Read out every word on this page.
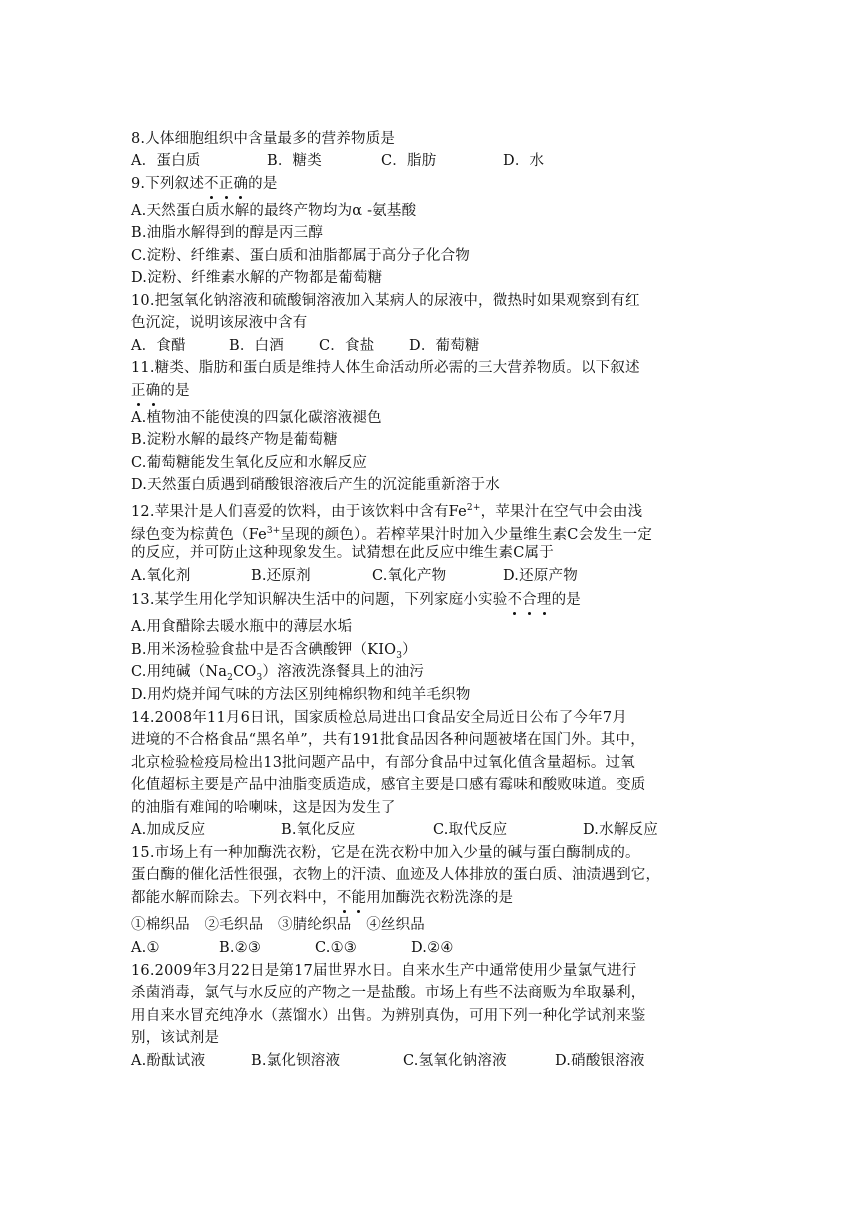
8.人体细胞组织中含量最多的营养物质是
A．蛋白质	B．糖类	C．脂肪	D．水
9.下列叙述不正确的是
A.天然蛋白质水解的最终产物均为α -氨基酸
B.油脂水解得到的醇是丙三醇
C.淀粉、纤维素、蛋白质和油脂都属于高分子化合物
D.淀粉、纤维素水解的产物都是葡萄糖
10.把氢氧化钠溶液和硫酸铜溶液加入某病人的尿液中，微热时如果观察到有红
色沉淀，说明该尿液中含有
A．食醋	B．白酒 C．食盐 D．葡萄糖
11.糖类、脂肪和蛋白质是维持人体生命活动所必需的三大营养物质。以下叙述
正确的是
A.植物油不能使溴的四氯化碳溶液褪色
B.淀粉水解的最终产物是葡萄糖
C.葡萄糖能发生氧化反应和水解反应
D.天然蛋白质遇到硝酸银溶液后产生的沉淀能重新溶于水
12.苹果汁是人们喜爱的饮料，由于该饮料中含有$Fe^{2+}$，苹果汁在空气中会由浅
绿色变为棕黄色（$Fe^{3+}$呈现的颜色）。若榨苹果汁时加入少量维生素C会发生一定
的反应，并可防止这种现象发生。试猜想在此反应中维生素C属于
A.氧化剂	B.还原剂	C.氧化产物	D.还原产物
13.某学生用化学知识解决生活中的问题，下列家庭小实验不合理的是
A.用食醋除去暖水瓶中的薄层水垢
B.用米汤检验食盐中是否含碘酸钾$(KIO_3)$
C.用纯碱$(Na_2CO_3)$溶液洗涤餐具上的油污
D.用灼烧并闻气味的方法区别纯棉织物和纯羊毛织物
14.2008年11月6日讯，国家质检总局进出口食品安全局近日公布了今年7月
进境的不合格食品“黑名单”，共有191批食品因各种问题被堵在国门外。其中，
北京检验检疫局检出13批问题产品中，有部分食品中过氧化值含量超标。过氧
化值超标主要是产品中油脂变质造成，感官主要是口感有霉味和酸败味道。变质
的油脂有难闻的哈喇味，这是因为发生了
A.加成反应	B.氧化反应	C.取代反应	D.水解反应
15.市场上有一种加酶洗衣粉，它是在洗衣粉中加入少量的碱与蛋白酶制成的。
蛋白酶的催化活性很强，衣物上的汗渍、血迹及人体排放的蛋白质、油渍遇到它，
都能水解而除去。下列衣料中，不能用加酶洗衣粉洗涤的是
①棉织品　②毛织品　③腈纶织品　④丝织品
A.①	B.②③	C.①③	D.②④
16.2009年3月22日是第17届世界水日。自来水生产中通常使用少量氯气进行
杀菌消毒，氯气与水反应的产物之一是盐酸。市场上有些不法商贩为牟取暴利，
用自来水冒充纯净水（蒸馏水）出售。为辨别真伪，可用下列一种化学试剂来鉴
别，该试剂是
A.酚酞试液	B.氯化钡溶液	C.氢氧化钠溶液	D.硝酸银溶液
